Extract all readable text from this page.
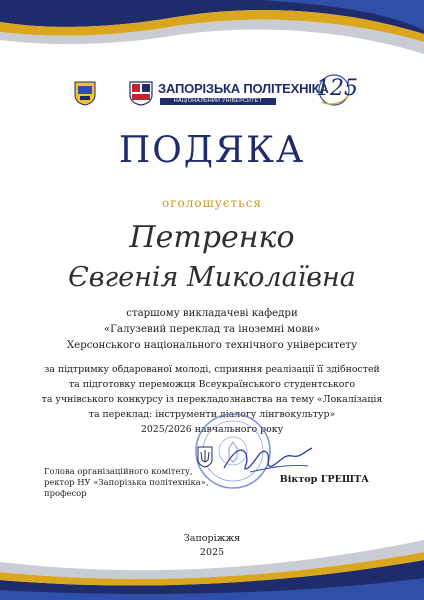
ЗАПОРІЗЬКА ПОЛІТЕХНІКА
НАЦІОНАЛЬНИЙ УНІВЕРСИТЕТ	125
ПОДЯКА
оголошується
Петренко
Євгенія Миколаївна
старшому викладачеві кафедри
«Галузевий переклад та іноземні мови»
Херсонського національного технічного університету
за підтримку обдарованої молоді, сприяння реалізації її здібностей
та підготовку переможця Всеукраїнського студентського
та учнівського конкурсу із перекладознавства на тему «Локалізація
та переклад: інструменти діалогу лінгвокультур»
2025/2026 навчального року
Голова організаційного комітету,
ректор НУ «Запорізька політехніка»,
професор
Віктор ГРЕШТА
Запоріжжя
2025
